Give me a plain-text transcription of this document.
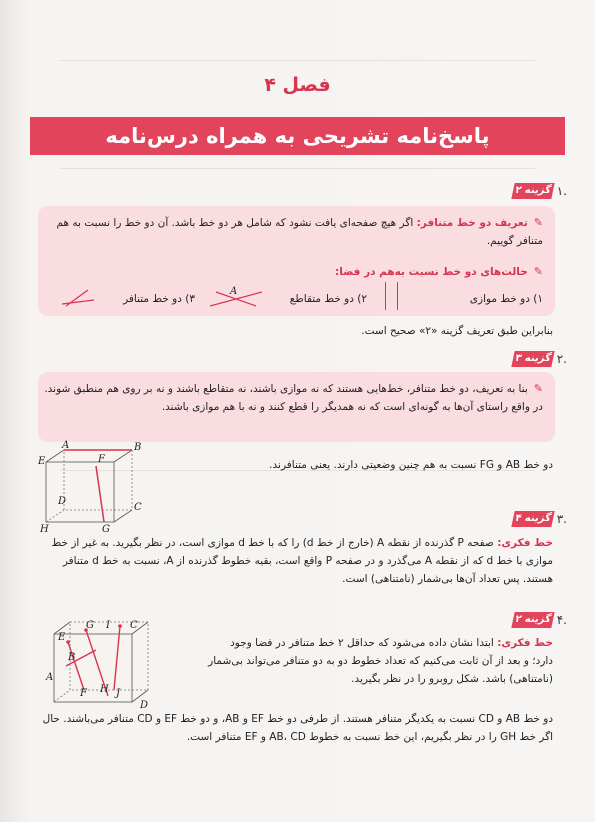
فصل ۴
پاسخ‌نامه تشریحی به همراه درس‌نامه
۱.
گزینه ۲
✎تعریف دو خط متنافر: اگر هیچ صفحه‌ای یافت نشود که شامل هر دو خط باشد. آن دو خط را نسبت به هم متنافر گوییم.
✎حالت‌های دو خط نسبت به‌هم در فضا:
۱) دو خط موازی
۲) دو خط متقاطع
A
۳) دو خط متنافر
بنابراین طبق تعریف گزینه «۲» صحیح است.
۲.
گزینه ۳
✎بنا به تعریف، دو خط متنافر، خط‌هایی هستند که نه موازی باشند، نه متقاطع باشند و نه بر روی هم منطبق شوند. در واقع راستای آن‌ها به گونه‌ای است که نه همدیگر را قطع کنند و نه با هم موازی باشند.
دو خط AB و FG نسبت به هم چنین وضعیتی دارند. یعنی متنافرند.
A	B
E	F
D
C
H	G
۳.
گزینه ۴
خط فکری: صفحه P گذرنده از نقطه A (خارج از خط d) را که با خط d موازی است، در نظر بگیرید. به غیر از خط موازی با خط d که از نقطه A می‌گذرد و در صفحه P واقع است، بقیه خطوط گذرنده از A، نسبت به خط d متنافر هستند. پس تعداد آن‌ها بی‌شمار (نامتناهی) است.
۴.
گزینه ۲
خط فکری: ابتدا نشان داده می‌شود که حداقل ۲ خط متنافر در فضا وجود دارد؛ و بعد از آن ثابت می‌کنیم که تعداد خطوط دو به دو متنافر می‌تواند بی‌شمار (نامتناهی) باشد. شکل روبرو را در نظر بگیرید.
دو خط AB و CD نسبت به یکدیگر متنافر هستند. از طرفی دو خط EF و AB، و دو خط EF و CD متنافر می‌باشند. حال اگر خط GH را در نظر بگیریم، این خط نسبت به خطوط AB، CD و EF متنافر است.
E
G I C
B
A
F H J
D
